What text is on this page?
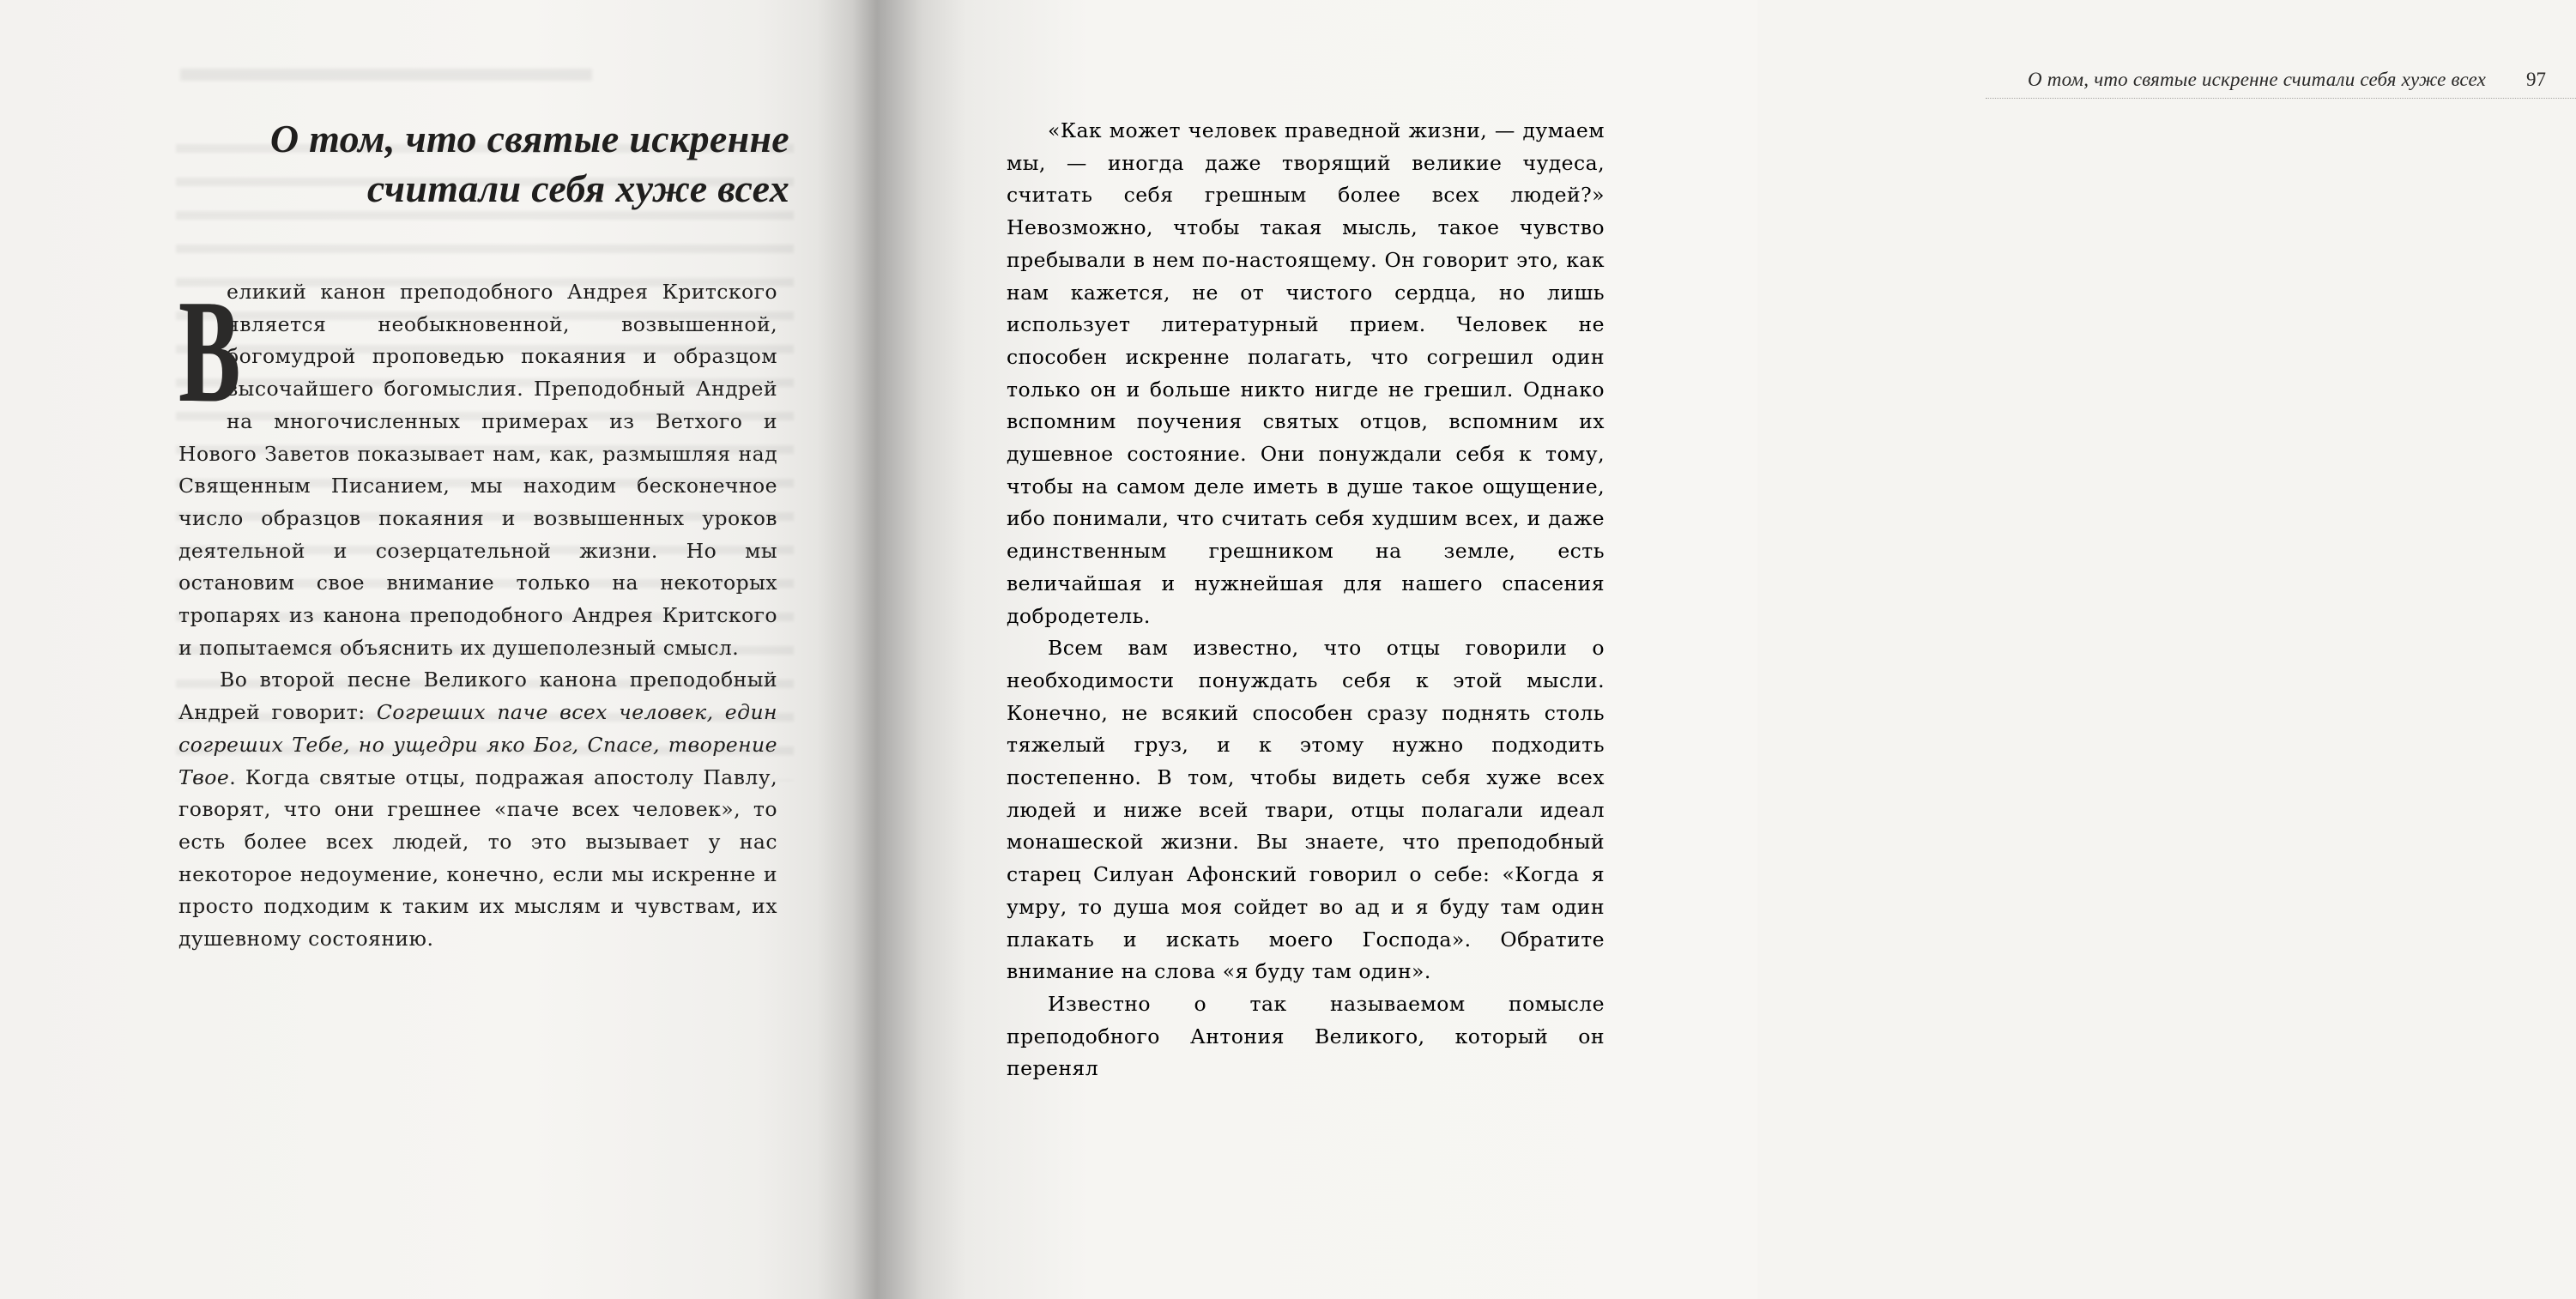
О том, что святые искренне
считали себя хуже всех

В
еликий канон преподобного Андрея Критского является необыкновенной, возвышенной, богомудрой проповедью покаяния и образцом высочайшего богомыслия. Преподобный Андрей на многочисленных примерах из Ветхого и Нового Заветов показывает нам, как, размышляя над Священным Писанием, мы находим бесконечное число образцов покаяния и возвышенных уроков деятельной и созерцательной жизни. Но мы остановим свое внимание только на некоторых тропарях из канона преподобного Андрея Критского и попытаемся объяснить их душеполезный смысл.

Во второй песне Великого канона преподобный Андрей говорит: Согреших паче всех человек, един согреших Тебе, но ущедри яко Бог, Спасе, творение Твое. Когда святые отцы, подражая апостолу Павлу, говорят, что они грешнее «паче всех человек», то есть более всех людей, то это вызывает у нас некоторое недоумение, конечно, если мы искренне и просто подходим к таким их мыслям и чувствам, их душевному состоянию.

О том, что святые искренне считали себя хуже всех 97

«Как может человек праведной жизни, — думаем мы, — иногда даже творящий великие чудеса, считать себя грешным более всех людей?» Невозможно, чтобы такая мысль, такое чувство пребывали в нем по-настоящему. Он говорит это, как нам кажется, не от чистого сердца, но лишь использует литературный прием. Человек не способен искренне полагать, что согрешил один только он и больше никто нигде не грешил. Однако вспомним поучения святых отцов, вспомним их душевное состояние. Они понуждали себя к тому, чтобы на самом деле иметь в душе такое ощущение, ибо понимали, что считать себя худшим всех, и даже единственным грешником на земле, есть величайшая и нужнейшая для нашего спасения добродетель.

Всем вам известно, что отцы говорили о необходимости понуждать себя к этой мысли. Конечно, не всякий способен сразу поднять столь тяжелый груз, и к этому нужно подходить постепенно. В том, чтобы видеть себя хуже всех людей и ниже всей твари, отцы полагали идеал монашеской жизни. Вы знаете, что преподобный старец Силуан Афонский говорил о себе: «Когда я умру, то душа моя сойдет во ад и я буду там один плакать и искать моего Господа». Обратите внимание на слова «я буду там один».

Известно о так называемом помысле преподобного Антония Великого, который он перенял
